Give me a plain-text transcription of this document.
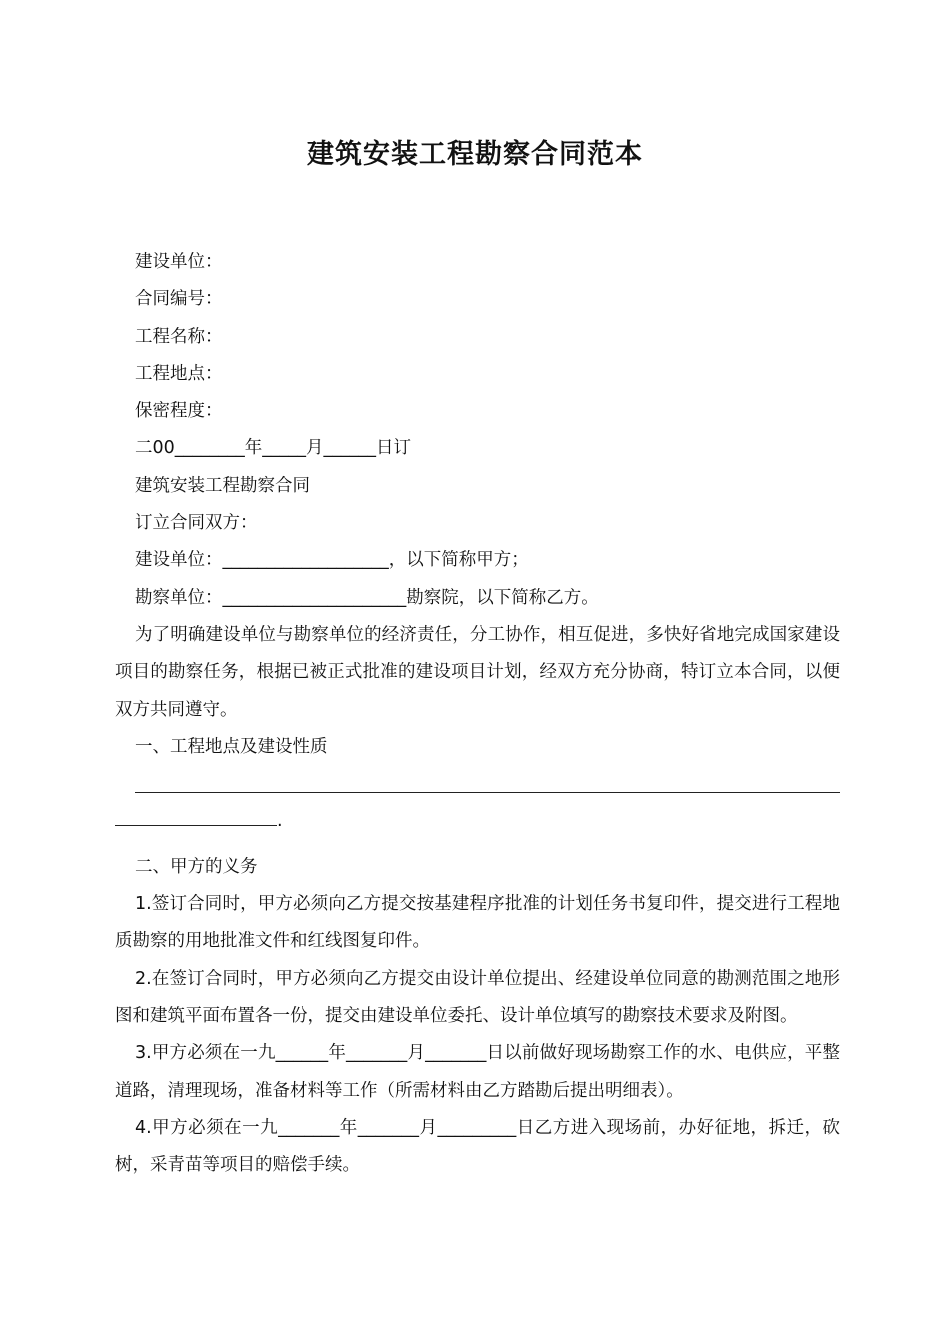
建筑安装工程勘察合同范本

建设单位：

合同编号：

工程名称：

工程地点：

保密程度：

二00________年_____月______日订

建筑安装工程勘察合同

订立合同双方：

建设单位：___________________，以下简称甲方；

勘察单位：_____________________勘察院，以下简称乙方。

为了明确建设单位与勘察单位的经济责任，分工协作，相互促进，多快好省地完成国家建设项目的勘察任务，根据已被正式批准的建设项目计划，经双方充分协商，特订立本合同，以便双方共同遵守。

一、工程地点及建设性质

.

二、甲方的义务

1.签订合同时，甲方必须向乙方提交按基建程序批准的计划任务书复印件，提交进行工程地质勘察的用地批准文件和红线图复印件。

2.在签订合同时，甲方必须向乙方提交由设计单位提出、经建设单位同意的勘测范围之地形图和建筑平面布置各一份，提交由建设单位委托、设计单位填写的勘察技术要求及附图。

3.甲方必须在一九______年_______月_______日以前做好现场勘察工作的水、电供应，平整道路，清理现场，准备材料等工作（所需材料由乙方踏勘后提出明细表）。

4.甲方必须在一九_______年_______月_________日乙方进入现场前，办好征地，拆迁，砍树，采青苗等项目的赔偿手续。
